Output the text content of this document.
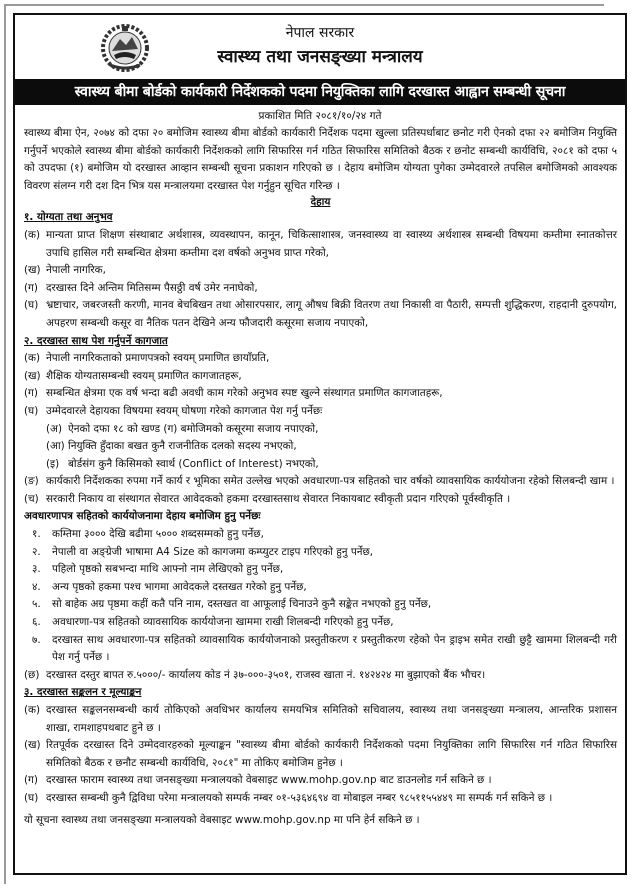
नेपाल सरकार
स्वास्थ्य तथा जनसङ्ख्या मन्त्रालय
स्वास्थ्य बीमा बोर्डको कार्यकारी निर्देशकको पदमा नियुक्तिका लागि दरखास्त आह्वान सम्बन्धी सूचना
प्रकाशित मिति २०८१/१०/२४ गते

स्वास्थ्य बीमा ऐन, २०७४ को दफा २० बमोजिम स्वास्थ्य बीमा बोर्डको कार्यकारी निर्देशक पदमा खुल्ला प्रतिस्पर्धाबाट छनोट गरी ऐनको दफा २२ बमोजिम नियुक्ति गर्नुपर्ने भएकोले स्वास्थ्य बीमा बोर्डको कार्यकारी निर्देशकको लागि सिफारिस गर्न गठित सिफारिस समितिको बैठक र छनोट सम्बन्धी कार्यविधि, २०८१ को दफा ५ को उपदफा (१) बमोजिम यो दरखास्त आव्हान सम्बन्धी सूचना प्रकाशन गरिएको छ । देहाय बमोजिम योग्यता पुगेका उम्मेदवारले तपसिल बमोजिमको आवश्यक विवरण संलग्न गरी दश दिन भित्र यस मन्त्रालयमा दरखास्त पेश गर्नुहुन सूचित गरिन्छ ।

देहाय

१. योग्यता तथा अनुभव

(क) मान्यता प्राप्त शिक्षण संस्थाबाट अर्थशास्त्र, व्यवस्थापन, कानून, चिकित्साशास्त्र, जनस्वास्थ्य वा स्वास्थ्य अर्थशास्त्र सम्बन्धी विषयमा कम्तीमा स्नातकोत्तर उपाधि हासिल गरी सम्बन्धित क्षेत्रमा कम्तीमा दश वर्षको अनुभव प्राप्त गरेको,
(ख) नेपाली नागरिक,
(ग) दरखास्त दिने अन्तिम मितिसम्म पैसठ्ठी वर्ष उमेर ननाघेको,
(घ) भ्रष्टाचार, जबरजस्ती करणी, मानव बेचबिखन तथा ओसारपसार, लागू औषध बिक्री वितरण तथा निकासी वा पैठारी, सम्पत्ती शुद्धिकरण, राहदानी दुरुपयोग, अपहरण सम्बन्धी कसूर वा नैतिक पतन देखिने अन्य फौजदारी कसूरमा सजाय नपाएको,

२. दरखास्त साथ पेश गर्नुपर्ने कागजात

(क) नेपाली नागरिकताको प्रमाणपत्रको स्वयम् प्रमाणित छायाँप्रति,
(ख) शैक्षिक योग्यतासम्बन्धी स्वयम् प्रमाणित कागजातहरू,
(ग) सम्बन्धित क्षेत्रमा एक वर्ष भन्दा बढी अवधी काम गरेको अनुभव स्पष्ट खुल्ने संस्थागत प्रमाणित कागजातहरू,
(घ) उम्मेदवारले देहायका विषयमा स्वयम् घोषणा गरेको कागजात पेश गर्नु पर्नेछः
(अ) ऐनको दफा १८ को खण्ड (ग) बमोजिमको कसूरमा सजाय नपाएको,
(आ) नियुक्ति हुँदाका बखत कुनै राजनीतिक दलको सदस्य नभएको,
(इ) बोर्डसंग कुनै किसिमको स्वार्थ (Conflict of Interest) नभएको,
(ङ) कार्यकारी निर्देशकका रुपमा गर्ने कार्य र भूमिका समेत उल्लेख भएको अवधारणा-पत्र सहितको चार वर्षको व्यावसायिक कार्ययोजना रहेको सिलबन्दी खाम ।
(च) सरकारी निकाय वा संस्थागत सेवारत आवेदकको हकमा दरखास्तसाथ सेवारत निकायबाट स्वीकृती प्रदान गरिएको पूर्वस्वीकृति ।

अवधारणापत्र सहितको कार्ययोजनामा देहाय बमोजिम हुनु पर्नेछः

१.	कम्तिमा ३००० देखि बढीमा ५००० शब्दसम्मको हुनु पर्नेछ,
२.	नेपाली वा अङ्ग्रेजी भाषामा A4 Size को कागजमा कम्प्युटर टाइप गरिएको हुनु पर्नेछ,
३.	पहिलो पृष्ठको सबभन्दा माथि आफ्नो नाम लेखिएको हुनु पर्नेछ,
४.	अन्य पृष्ठको हकमा पश्च भागमा आवेदकले दस्तखत गरेको हुनु पर्नेछ,
५.	सो बाहेक अग्र पृष्ठमा कहीं कतै पनि नाम, दस्तखत वा आफूलाई चिनाउने कुनै सङ्केत नभएको हुनु पर्नेछ,
६.	अवधारणा-पत्र सहितको व्यावसायिक कार्ययोजना खाममा राखी शिलबन्दी गरिएको हुनु पर्नेछ,
७.	दरखास्त साथ अवधारणा-पत्र सहितको व्यावसायिक कार्ययोजनाको प्रस्तुतीकरण र प्रस्तुतीकरण रहेको पेन ड्राइभ समेत राखी छुट्टै खाममा शिलबन्दी गरी पेश गर्नु पर्नेछ ।
(छ) दरखास्त दस्तुर बापत रु.५०००/- कार्यालय कोड नं ३७-०००-३५०१, राजस्व खाता नं. १४२४२४ मा बुझाएको बैंक भौचर।

३. दरखास्त सङ्कलन र मूल्याङ्कन

(क) दरखास्त सङ्कलनसम्बन्धी कार्य तोकिएको अवधिभर कार्यालय समयभित्र समितिको सचिवालय, स्वास्थ्य तथा जनसङ्ख्या मन्त्रालय, आन्तरिक प्रशासन शाखा, रामशाहपथबाट हुने छ ।
(ख) रितपूर्वक दरखास्त दिने उम्मेदवारहरुको मूल्याङ्कन "स्वास्थ्य बीमा बोर्डको कार्यकारी निर्देशकको पदमा नियुक्तिका लागि सिफारिस गर्न गठित सिफारिस समितिको बैठक र छनौट सम्बन्धी कार्यविधि, २०८१" मा तोकिए बमोजिम हुनेछ ।
(ग) दरखास्त फाराम स्वास्थ्य तथा जनसङ्ख्या मन्त्रालयको वेबसाइट www.mohp.gov.np बाट डाउनलोड गर्न सकिने छ ।
(घ) दरखास्त सम्बन्धी कुनै द्विविधा परेमा मन्त्रालयको सम्पर्क नम्बर ०१-५३६४६९४ वा मोबाइल नम्बर ९८५११५५४४९ मा सम्पर्क गर्न सकिने छ ।

यो सूचना स्वास्थ्य तथा जनसङ्ख्या मन्त्रालयको वेबसाइट www.mohp.gov.np मा पनि हेर्न सकिने छ ।
